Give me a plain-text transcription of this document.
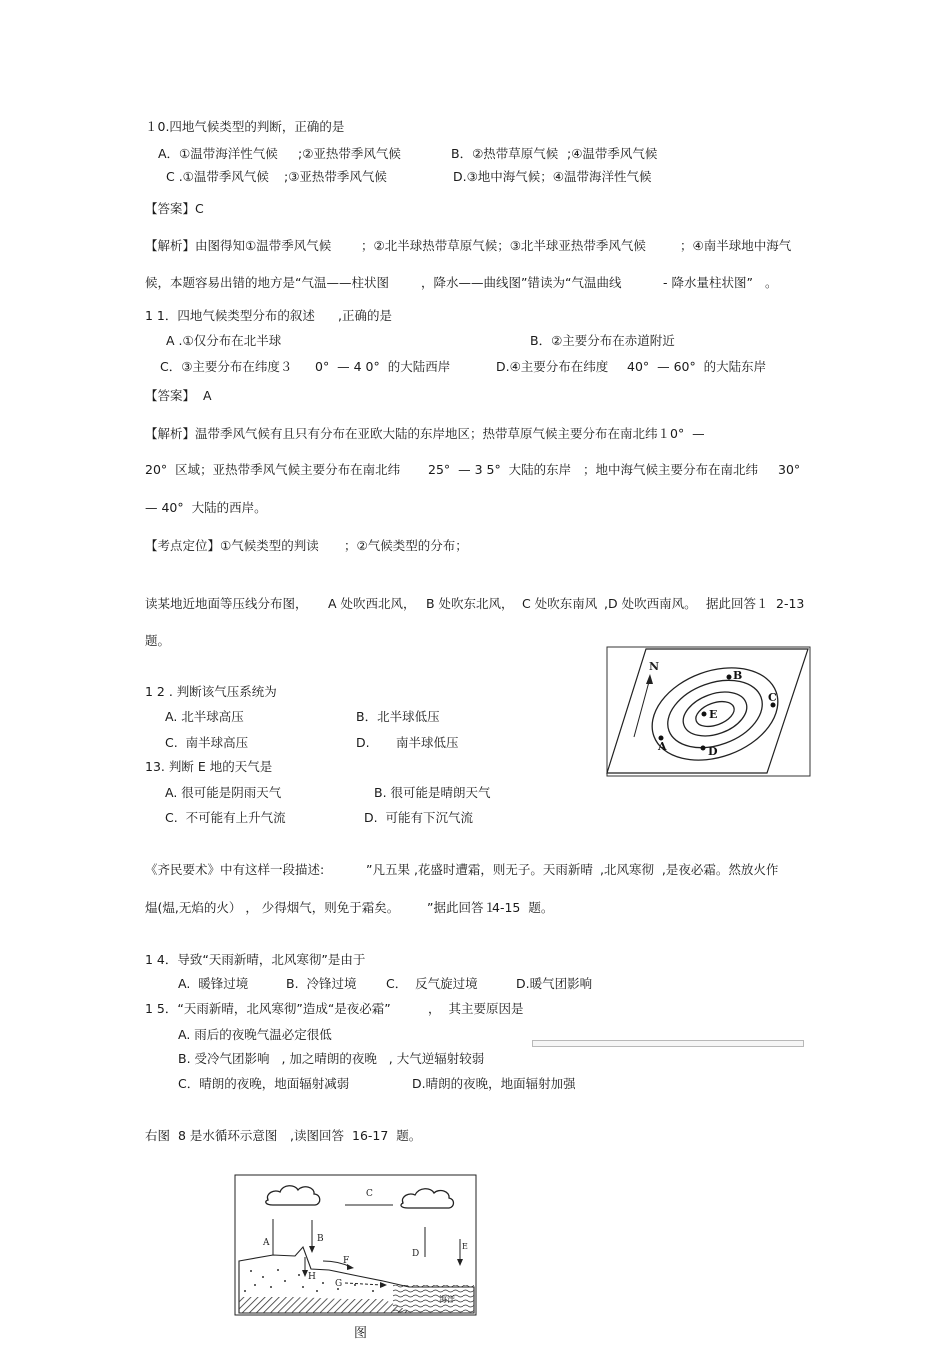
１0.四地气候类型的判断，正确的是
A．①温带海洋性气候 ;②亚热带季风气候	B．②热带草原气候 ;④温带季风气候
C .①温带季风气候 ;③亚热带季风气候	D.③地中海气候；④温带海洋性气候
【答案】C
【解析】由图得知①温带季风气候 ；②北半球热带草原气候；③北半球亚热带季风气候	；④南半球地中海气
候，本题容易出错的地方是“气温——柱状图	，降水——曲线图”错读为“气温曲线	- 降水量柱状图” 。
1 1．四地气候类型分布的叙述 ,正确的是
A .①仅分布在北半球	B．②主要分布在赤道附近
C．③主要分布在纬度３ 0°  — 4 0°  的大陆西岸	D.④主要分布在纬度 40°  — 60°  的大陆东岸
【答案】  A
【解析】温带季风气候有且只有分布在亚欧大陆的东岸地区；热带草原气候主要分布在南北纬１0°  —
20°  区域；亚热带季风气候主要分布在南北纬 25°  — 3 5°  大陆的东岸 ；地中海气候主要分布在南北纬 30°
— 40°  大陆的西岸。
【考点定位】①气候类型的判读 ；②气候类型的分布；
读某地近地面等压线分布图， A 处吹西北风， B 处吹东北风， C 处吹东南风 ,D 处吹西南风。 据此回答１ 2-13
题。
1 2 . 判断该气压系统为
A. 北半球高压	B．北半球低压
C.  南半球高压	D. 南半球低压
13. 判断 E 地的天气是
A. 很可能是阴雨天气	B. 很可能是晴朗天气
C.  不可能有上升气流	D.  可能有下沉气流
N
E
B
C
A	D
《齐民要术》中有这样一段描述:	”凡五果 ,花盛时遭霜，则无子。天雨新晴 ,北风寒彻  ,是夜必霜。然放火作
煴(煴,无焰的火） ， 少得烟气，则免于霜矣。 ”据此回答１
4-15  题。
1 4．导致“天雨新晴，北风寒彻”是由于
A.  暖锋过境	B.  冷锋过境 C．  反气旋过境	D.暖气团影响
1 5．“天雨新晴，北风寒彻”造成“是夜必霜”	，  其主要原因是
A. 雨后的夜晚气温必定很低
B. 受冷气团影响   , 加之晴朗的夜晚   , 大气逆辐射较弱
C．晴朗的夜晚，地面辐射减弱	D.晴朗的夜晚，地面辐射加强
右图  8 是水循环示意图 ,读图回答 16-17  题。
C
A	B
D
E
F
H
G
海洋
图
